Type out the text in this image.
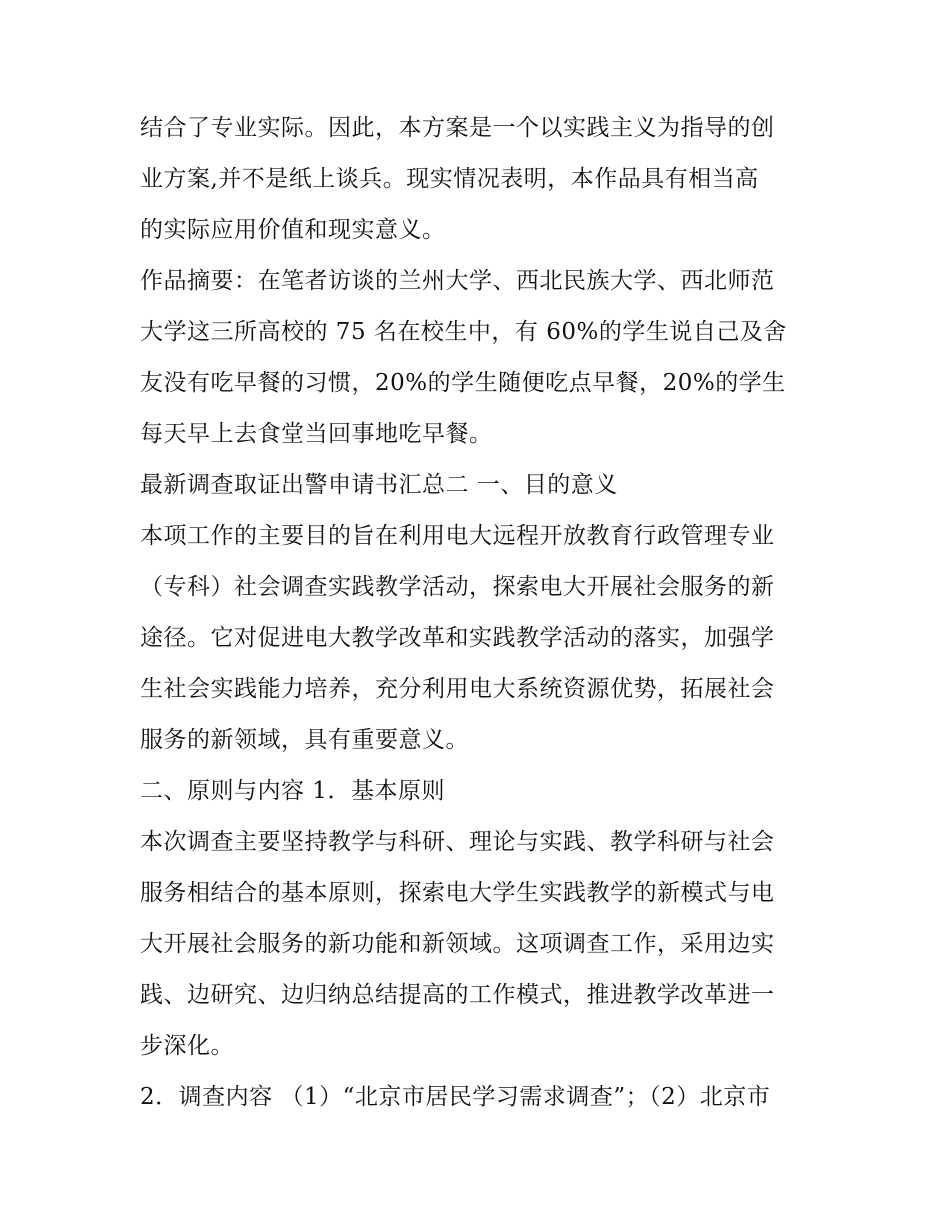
结合了专业实际。因此，本方案是一个以实践主义为指导的创
业方案,并不是纸上谈兵。现实情况表明，本作品具有相当高
的实际应用价值和现实意义。
作品摘要：在笔者访谈的兰州大学、西北民族大学、西北师范
大学这三所高校的 75 名在校生中，有 60%的学生说自己及舍
友没有吃早餐的习惯，20%的学生随便吃点早餐，20%的学生
每天早上去食堂当回事地吃早餐。
最新调查取证出警申请书汇总二 一、目的意义
本项工作的主要目的旨在利用电大远程开放教育行政管理专业
（专科）社会调查实践教学活动，探索电大开展社会服务的新
途径。它对促进电大教学改革和实践教学活动的落实，加强学
生社会实践能力培养，充分利用电大系统资源优势，拓展社会
服务的新领域，具有重要意义。
二、原则与内容 1．基本原则
本次调查主要坚持教学与科研、理论与实践、教学科研与社会
服务相结合的基本原则，探索电大学生实践教学的新模式与电
大开展社会服务的新功能和新领域。这项调查工作，采用边实
践、边研究、边归纳总结提高的工作模式，推进教学改革进一
步深化。
2．调查内容 （1）“北京市居民学习需求调查”；（2）北京市
